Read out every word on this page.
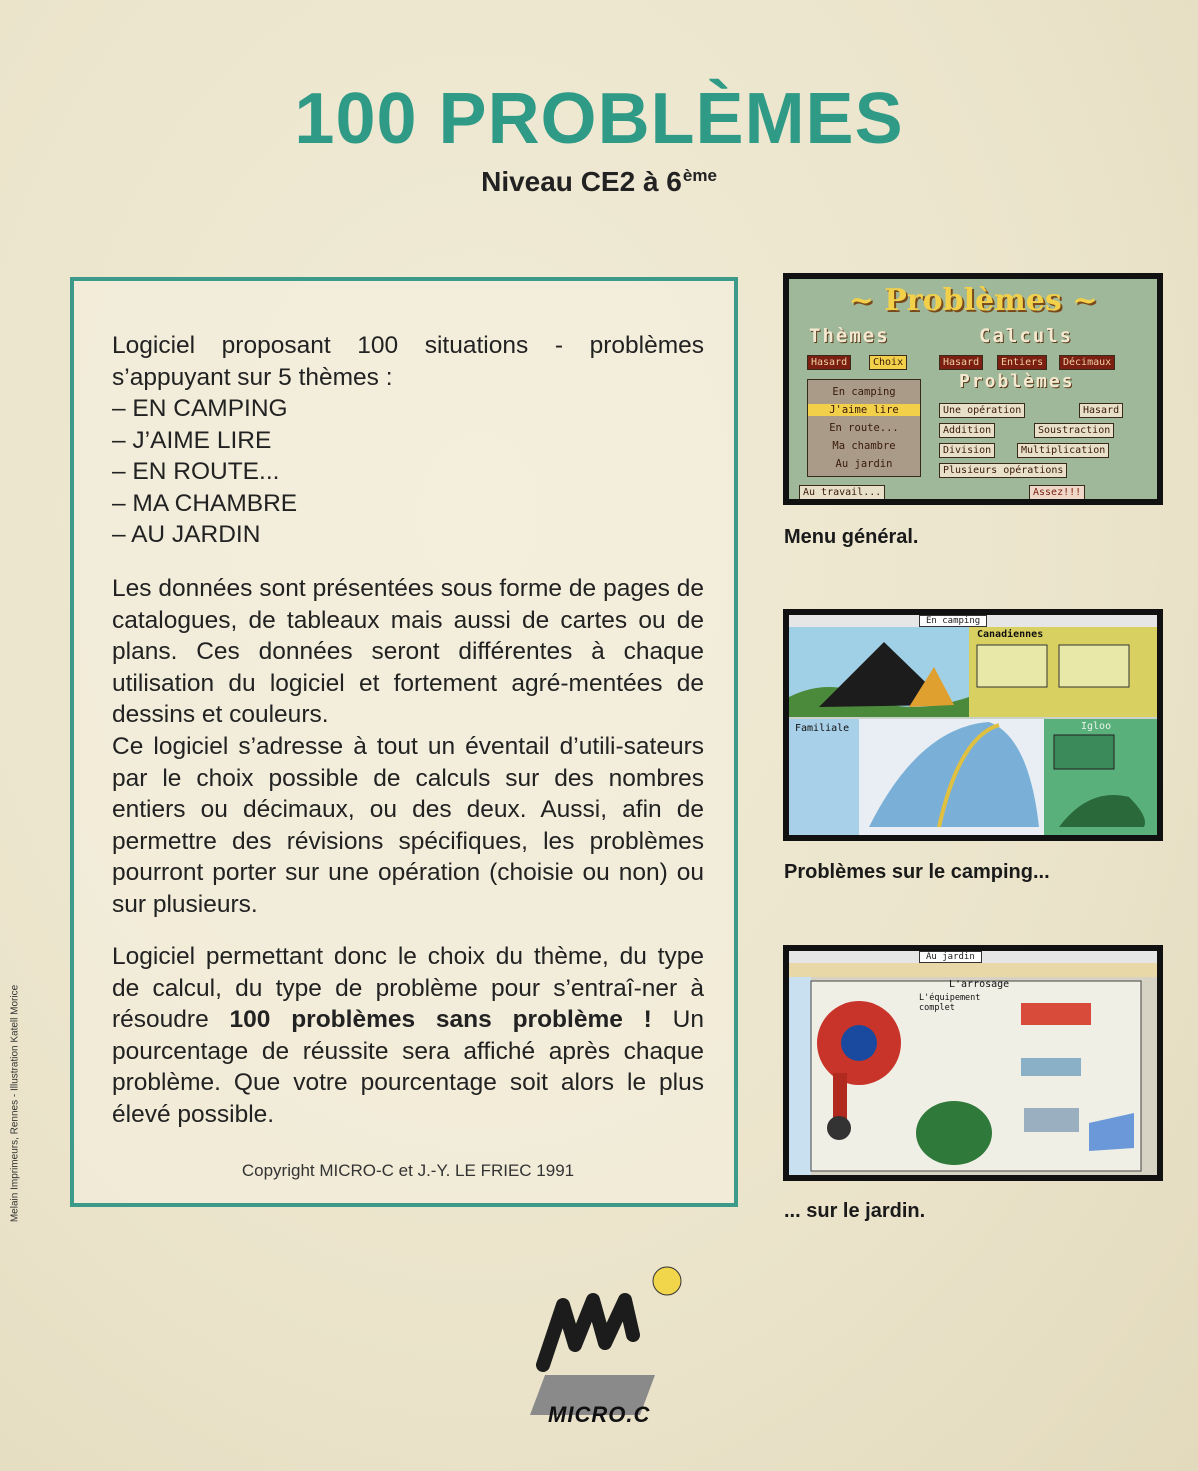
100 PROBLÈMES
Niveau CE2 à 6ème
Logiciel proposant 100 situations - problèmes s’appuyant sur 5 thèmes :
– EN CAMPING
– J’AIME LIRE
– EN ROUTE...
– MA CHAMBRE
– AU JARDIN
Les données sont présentées sous forme de pages de catalogues, de tableaux mais aussi de cartes ou de plans. Ces données seront différentes à chaque utilisation du logiciel et fortement agré-mentées de dessins et couleurs.
Ce logiciel s’adresse à tout un éventail d’utili-sateurs par le choix possible de calculs sur des nombres entiers ou décimaux, ou des deux. Aussi, afin de permettre des révisions spécifiques, les problèmes pourront porter sur une opération (choisie ou non) ou sur plusieurs.
Logiciel permettant donc le choix du thème, du type de calcul, du type de problème pour s’entraî-ner à résoudre 100 problèmes sans problème ! Un pourcentage de réussite sera affiché après chaque problème. Que votre pourcentage soit alors le plus élevé possible.
Copyright MICRO-C et J.-Y. LE FRIEC 1991
~ Problèmes ~
Thèmes	Calculs
Hasard	Choix	Hasard	Entiers	Décimaux
Problèmes
En camping
J'aime lire
En route...
Ma chambre
Au jardin
Une opération	Hasard
Addition	Soustraction
Division	Multiplication
Plusieurs opérations
Au travail...	Assez!!!
Menu général.
En camping
Canadiennes
Familiale	Igloo
Problèmes sur le camping...
Au jardin
L'arrosage
L'équipement complet
... sur le jardin.
MICRO.C
Melain Imprimeurs, Rennes - Illustration Katell Morice
